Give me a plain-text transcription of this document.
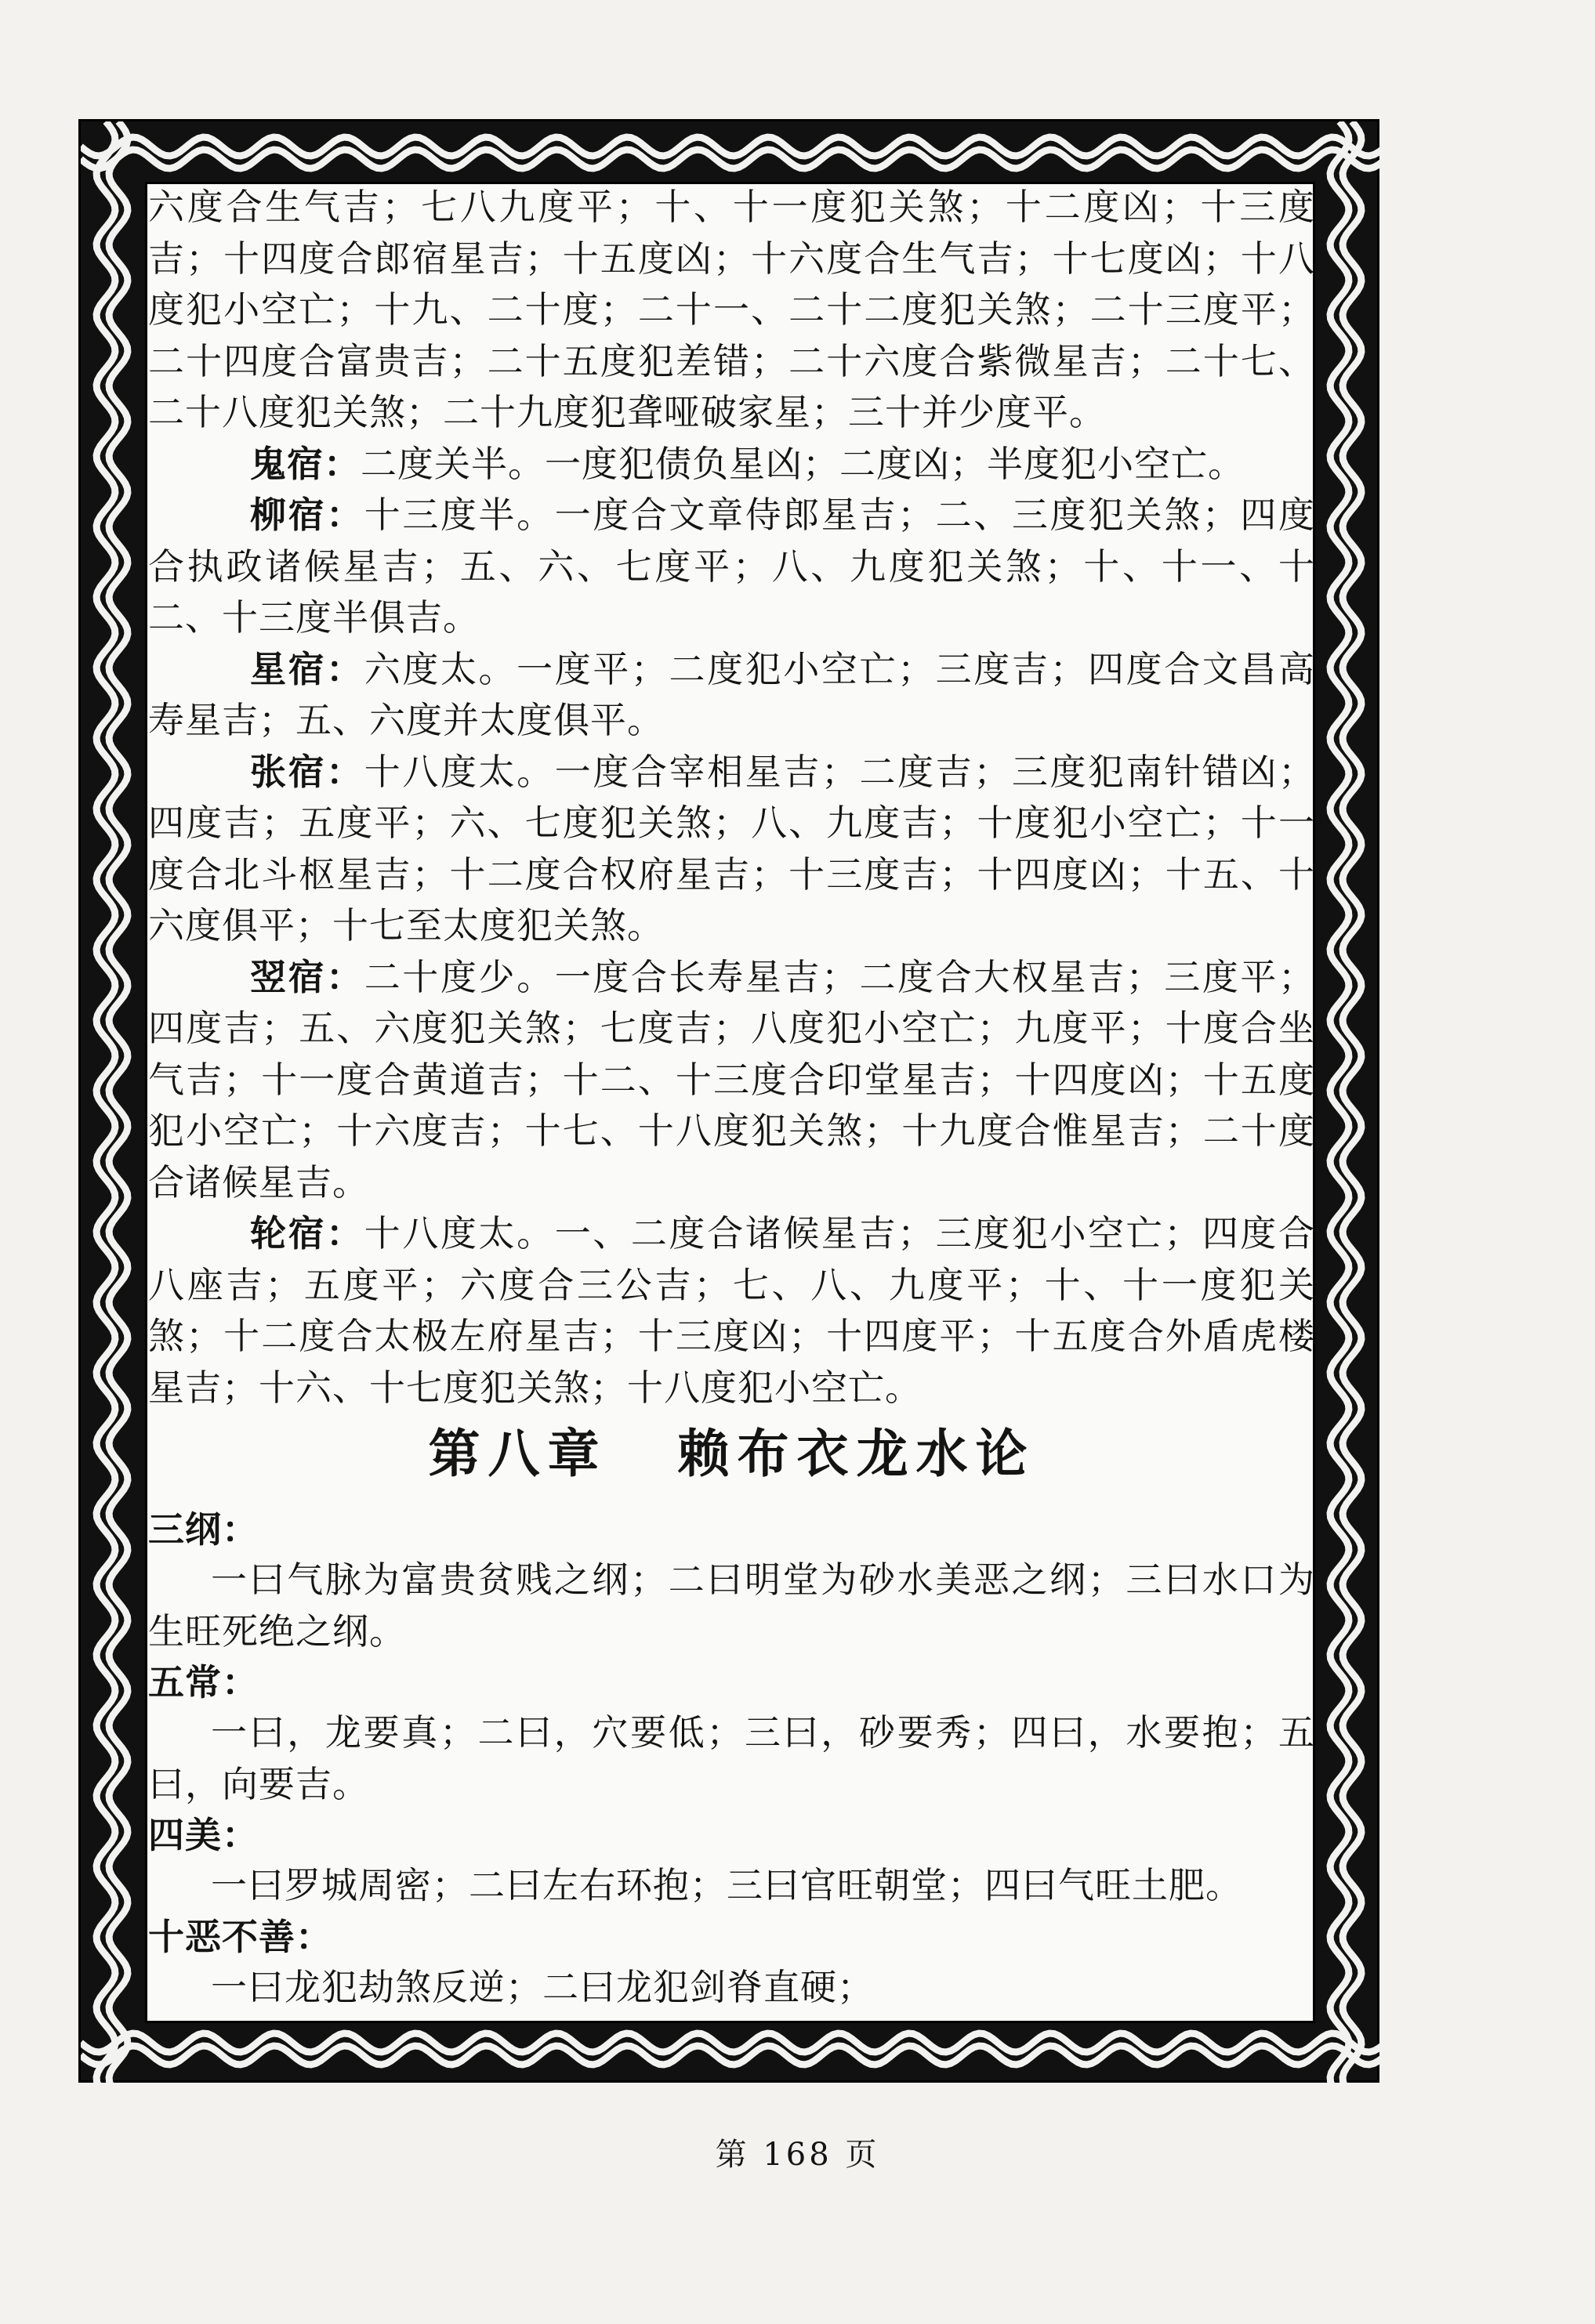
六度合生气吉；七八九度平；十、十一度犯关煞；十二度凶；十三度吉；十四度合郎宿星吉；十五度凶；十六度合生气吉；十七度凶；十八度犯小空亡；十九、二十度；二十一、二十二度犯关煞；二十三度平；二十四度合富贵吉；二十五度犯差错；二十六度合紫微星吉；二十七、二十八度犯关煞；二十九度犯聋哑破家星；三十并少度平。

鬼宿：二度关半。一度犯债负星凶；二度凶；半度犯小空亡。

柳宿：十三度半。一度合文章侍郎星吉；二、三度犯关煞；四度合执政诸候星吉；五、六、七度平；八、九度犯关煞；十、十一、十二、十三度半俱吉。

星宿：六度太。一度平；二度犯小空亡；三度吉；四度合文昌高寿星吉；五、六度并太度俱平。

张宿：十八度太。一度合宰相星吉；二度吉；三度犯南针错凶；四度吉；五度平；六、七度犯关煞；八、九度吉；十度犯小空亡；十一度合北斗枢星吉；十二度合权府星吉；十三度吉；十四度凶；十五、十六度俱平；十七至太度犯关煞。

翌宿：二十度少。一度合长寿星吉；二度合大权星吉；三度平；四度吉；五、六度犯关煞；七度吉；八度犯小空亡；九度平；十度合坐气吉；十一度合黄道吉；十二、十三度合印堂星吉；十四度凶；十五度犯小空亡；十六度吉；十七、十八度犯关煞；十九度合惟星吉；二十度合诸候星吉。

轮宿：十八度太。一、二度合诸候星吉；三度犯小空亡；四度合八座吉；五度平；六度合三公吉；七、八、九度平；十、十一度犯关煞；十二度合太极左府星吉；十三度凶；十四度平；十五度合外盾虎楼星吉；十六、十七度犯关煞；十八度犯小空亡。

第八章 赖布衣龙水论

三纲：

一曰气脉为富贵贫贱之纲；二曰明堂为砂水美恶之纲；三曰水口为生旺死绝之纲。

五常：

一曰，龙要真；二曰，穴要低；三曰，砂要秀；四曰，水要抱；五曰，向要吉。

四美：

一曰罗城周密；二曰左右环抱；三曰官旺朝堂；四曰气旺土肥。

十恶不善：

一曰龙犯劫煞反逆；二曰龙犯剑脊直硬；

第 168 页
